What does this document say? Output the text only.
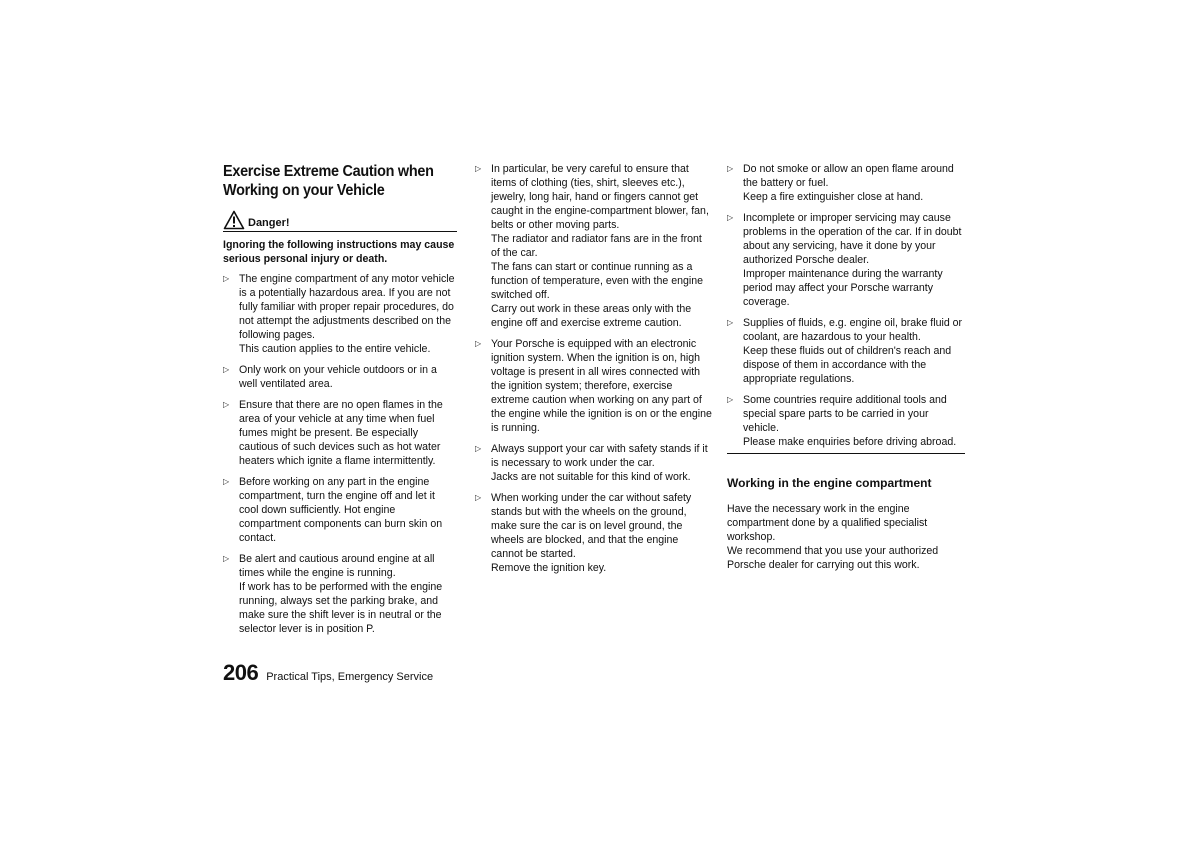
Exercise Extreme Caution when Working on your Vehicle
Danger!
Ignoring the following instructions may cause serious personal injury or death.
▷ The engine compartment of any motor vehicle is a potentially hazardous area. If you are not fully familiar with proper repair procedures, do not attempt the adjustments described on the following pages.

This caution applies to the entire vehicle.

▷ Only work on your vehicle outdoors or in a well ventilated area.

▷ Ensure that there are no open flames in the area of your vehicle at any time when fuel fumes might be present. Be especially cautious of such devices such as hot water heaters which ignite a flame intermittently.

▷ Before working on any part in the engine compartment, turn the engine off and let it cool down sufficiently. Hot engine compartment components can burn skin on contact.

▷ Be alert and cautious around engine at all times while the engine is running.

If work has to be performed with the engine running, always set the parking brake, and make sure the shift lever is in neutral or the selector lever is in position P.

▷ In particular, be very careful to ensure that items of clothing (ties, shirt, sleeves etc.), jewelry, long hair, hand or fingers cannot get caught in the engine-compartment blower, fan, belts or other moving parts.

The radiator and radiator fans are in the front of the car.

The fans can start or continue running as a function of temperature, even with the engine switched off.

Carry out work in these areas only with the engine off and exercise extreme caution.

▷ Your Porsche is equipped with an electronic ignition system. When the ignition is on, high voltage is present in all wires connected with the ignition system; therefore, exercise extreme caution when working on any part of the engine while the ignition is on or the engine is running.

▷ Always support your car with safety stands if it is necessary to work under the car.

Jacks are not suitable for this kind of work.

▷ When working under the car without safety stands but with the wheels on the ground, make sure the car is on level ground, the wheels are blocked, and that the engine cannot be started.

Remove the ignition key.

▷ Do not smoke or allow an open flame around the battery or fuel.

Keep a fire extinguisher close at hand.

▷ Incomplete or improper servicing may cause problems in the operation of the car. If in doubt about any servicing, have it done by your authorized Porsche dealer.

Improper maintenance during the warranty period may affect your Porsche warranty coverage.

▷ Supplies of fluids, e.g. engine oil, brake fluid or coolant, are hazardous to your health.

Keep these fluids out of children's reach and dispose of them in accordance with the appropriate regulations.

▷ Some countries require additional tools and special spare parts to be carried in your vehicle.

Please make enquiries before driving abroad.

Working in the engine compartment

Have the necessary work in the engine compartment done by a qualified specialist workshop.

We recommend that you use your authorized Porsche dealer for carrying out this work.

206 Practical Tips, Emergency Service
